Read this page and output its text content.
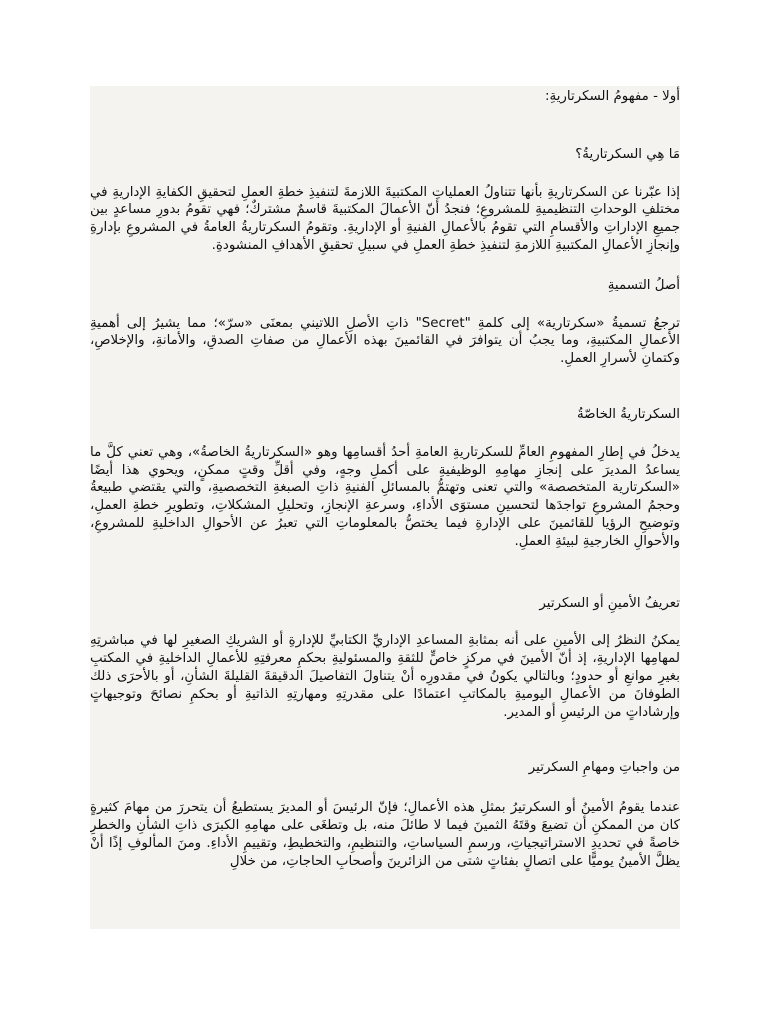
أولا - مفهومُ السكرتاريةِ:

مَا هِي السكرتاريةُ؟

إذا عبّرنا عن السكرتاريةِ بأنها تتناولُ العملياتِ المكتبيةَ اللازمةَ لتنفيذِ خطةِ العملِ لتحقيقِ الكفايةِ الإداريةِ في مختلفِ الوحداتِ التنظيميةِ للمشروعِ؛ فنجدُ أنّ الأعمالَ المكتبيةَ قاسمٌ مشتركٌ؛ فهي تقومُ بدورِ مساعدٍ بين جميعِ الإداراتِ والأقسامِ التي تقومُ بالأعمالِ الفنيةِ أو الإداريةِ. وتقومُ السكرتاريةُ العامةُ في المشروعِ بإدارةِ وإنجازِ الأعمالِ المكتبيةِ اللازمةِ لتنفيذِ خطةِ العملِ في سبيلِ تحقيقِ الأهدافِ المنشودةِ.

أصلُ التسميةِ

ترجعُ تسميةُ «سكرتارية» إلى كلمةِ "Secret" ذاتِ الأصلِ اللاتيني بمعنَى «سرّ»؛ مما يشيرُ إلى أهميةِ الأعمالِ المكتبيةِ، وما يجبُ أن يتوافرَ في القائمينَ بهذه الأعمالِ من صفاتِ الصدقِ، والأمانةِ، والإخلاصِ، وكتمانِ لأسرارِ العملِ.

السكرتاريةُ الخاصّةُ

يدخلُ في إطارِ المفهومِ العامِّ للسكرتاريةِ العامةِ أحدُ أقسامِها وهو «السكرتاريةُ الخاصةُ»، وهي تعني كلَّ ما يساعدُ المديرَ على إنجازِ مهامِهِ الوظيفيةِ على أكملِ وجهٍ، وفي أقلِّ وقتٍ ممكنٍ، ويحوي هذا أيضًا «السكرتارية المتخصصة» والتي تعنى وتهتمُّ بالمسائلِ الفنيةِ ذاتِ الصبغةِ التخصصيةِ، والتي يقتضي طبيعةُ وحجمُ المشروعِ تواجدَها لتحسينِ مستوَى الأداءِ، وسرعةِ الإنجازِ، وتحليلِ المشكلاتِ، وتطويرِ خطةِ العملِ، وتوضيحِ الرؤيا للقائمينَ على الإدارةِ فيما يختصُّ بالمعلوماتِ التي تعبرُ عن الأحوالِ الداخليةِ للمشروعِ، والأحوالِ الخارجيةِ لبيئةِ العملِ.

تعريفُ الأمينِ أو السكرتير

يمكنُ النظرُ إلى الأمينِ على أنه بمثابةِ المساعدِ الإداريِّ الكتابيِّ للإدارةِ أو الشريكِ الصغيرِ لها في مباشرتِهِ لمهامِها الإداريةِ، إذ أنّ الأمينَ في مركزٍ خاصٍّ للثقةِ والمسئوليةِ بحكمِ معرفتِهِ للأعمالِ الداخليةِ في المكتبِ بغيرِ موانعِ أو حدودٍ؛ وبالتالي يكونُ في مقدورِه أنْ يتناولَ التفاصيلَ الدقيقةَ القليلةَ الشأنِ، أو بالأحرَى ذلك الطوفانَ من الأعمالِ اليوميةِ بالمكاتبِ اعتمادًا على مقدرتِهِ ومهارتِهِ الذاتيةِ أو بحكمِ نصائحَ وتوجيهاتٍ وإرشاداتٍ من الرئيسِ أو المدير.

من واجباتِ ومهامِ السكرتير

عندما يقومُ الأمينُ أو السكرتيرُ بمثلِ هذه الأعمالِ؛ فإنّ الرئيسَ أو المديرَ يستطيعُ أن يتحررَ من مهامَ كثيرةٍ كان من الممكنِ أن تضيعَ وقتَهُ الثمينَ فيما لا طائلَ منه، بل وتطغَى على مهامِهِ الكبرَى ذاتِ الشأنِ والخطرِ خاصةً في تحديدِ الاستراتيجياتِ، ورسمِ السياساتِ، والتنظيمِ، والتخطيطِ، وتقييمِ الأداءِ. ومنَ المألوفِ إذًا أنْ يظلَّ الأمينُ يوميًّا على اتصالٍ بفئاتٍ شتى من الزائرينَ وأصحابِ الحاجاتِ، من خلالِ
